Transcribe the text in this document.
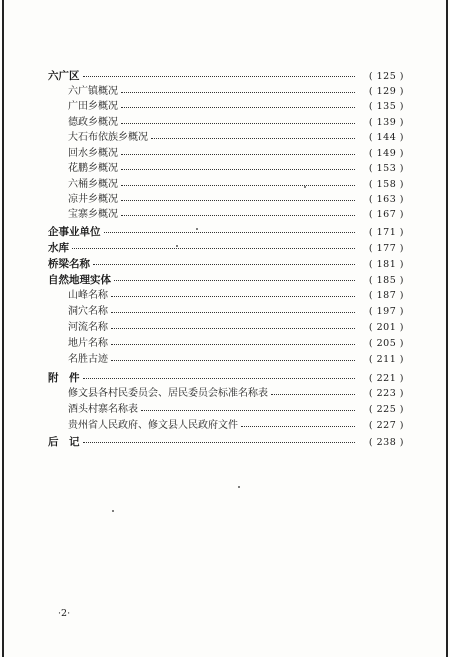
六广区	( 125 )
六广镇概况	( 129 )
广田乡概况	( 135 )
德政乡概况	( 139 )
大石布依族乡概况	( 144 )
回水乡概况	( 149 )
花鹏乡概况	( 153 )
六桶乡概况	( 158 )
凉井乡概况	( 163 )
宝寨乡概况	( 167 )
企事业单位	( 171 )
水库	( 177 )
桥梁名称	( 181 )
自然地理实体	( 185 )
山峰名称	( 187 )
洞穴名称	( 197 )
河流名称	( 201 )
地片名称	( 205 )
名胜古迹	( 211 )
附　件	( 221 )
修文县各村民委员会、居民委员会标准名称表	( 223 )
酒头村寨名称表	( 225 )
贵州省人民政府、修文县人民政府文件	( 227 )
后　记	( 238 )
·2·
